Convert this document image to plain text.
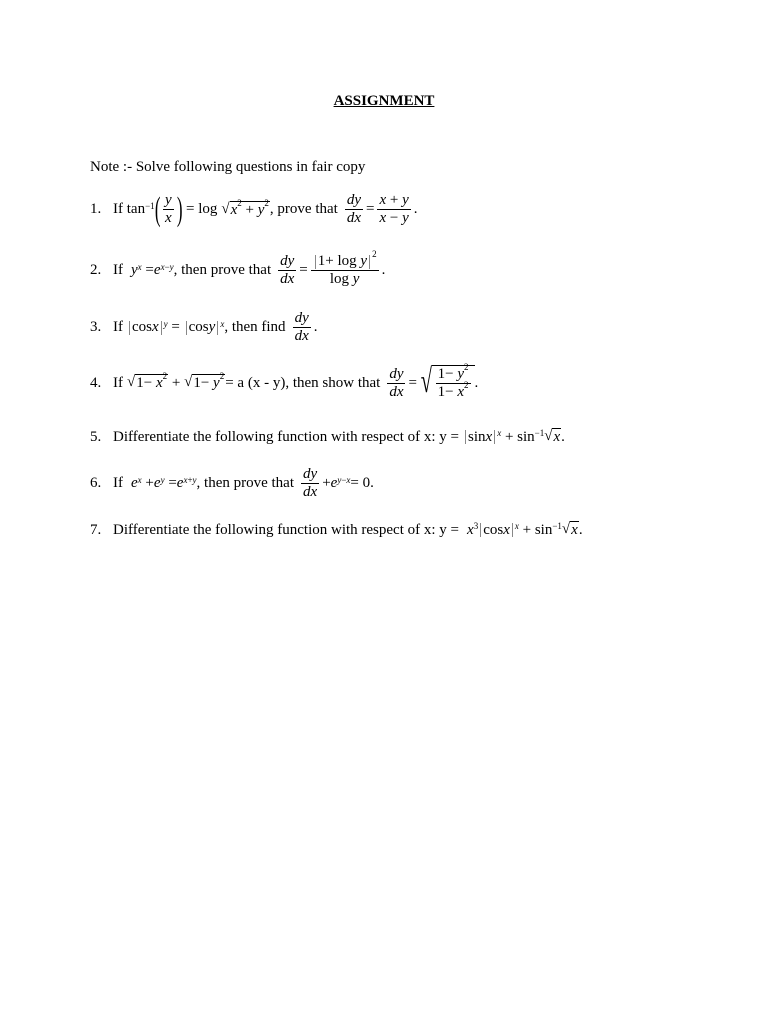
ASSIGNMENT
Note :- Solve following questions in fair copy
1. If $\tan^{-1}$ ( $\frac{y}{x}$ ) = log √ $x^2 + y^2$ , prove that $\frac{dy}{dx} = \frac{x + y}{x - y}$ .
2. If y $^x$ = e $^{x-y}$ , then prove that $\frac{dy}{dx} = \frac{1+ \log y ^2}{\text{log y}}$ .
3. If cos x $^y$ =
cos y $^x$ , then find $\frac{dy}{dx}$ .
4. If √ $1- x^2$ + √ $1- y^2 = a$ (x - y), then show that $\frac{dy}{dx}$ = √ $\frac{1- y^2}{1- x^2}$ .
5. Differentiate the following function with respect of x: y = sin x $^x + \sin^{-1}$ √ x .
6. If e $^x$ + e $^y$ = e $^{x+y}$ , then prove that $\frac{dy}{dx} + e$ $^{y-x}$ = 0.
7. Differentiate the following function with respect of x: $y = x^3$ cos x $^x + \sin^{-1}$ √ x .
